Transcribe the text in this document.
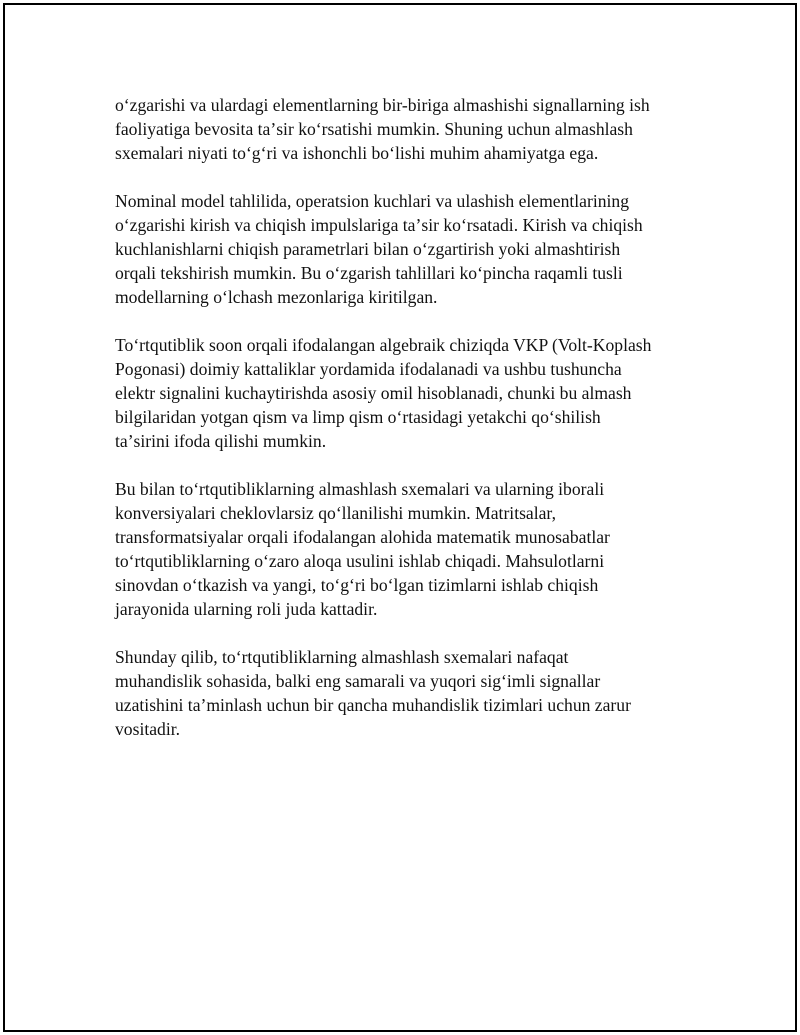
oʻzgarishi va ulardagi elementlarning bir-biriga almashishi signallarning ish
faoliyatiga bevosita taʼsir koʻrsatishi mumkin. Shuning uchun almashlash
sxemalari niyati toʻgʻri va ishonchli boʻlishi muhim ahamiyatga ega.

Nominal model tahlilida, operatsion kuchlari va ulashish elementlarining
oʻzgarishi kirish va chiqish impulslariga taʼsir koʻrsatadi. Kirish va chiqish
kuchlanishlarni chiqish parametrlari bilan oʻzgartirish yoki almashtirish
orqali tekshirish mumkin. Bu oʻzgarish tahlillari koʻpincha raqamli tusli
modellarning oʻlchash mezonlariga kiritilgan.

Toʻrtqutiblik soon orqali ifodalangan algebraik chiziqda VKP (Volt-Koplash
Pogonasi) doimiy kattaliklar yordamida ifodalanadi va ushbu tushuncha
elektr signalini kuchaytirishda asosiy omil hisoblanadi, chunki bu almash
bilgilaridan yotgan qism va limp qism oʻrtasidagi yetakchi qoʻshilish
taʼsirini ifoda qilishi mumkin.

Bu bilan toʻrtqutibliklarning almashlash sxemalari va ularning iborali
konversiyalari cheklovlarsiz qoʻllanilishi mumkin. Matritsalar,
transformatsiyalar orqali ifodalangan alohida matematik munosabatlar
toʻrtqutibliklarning oʻzaro aloqa usulini ishlab chiqadi. Mahsulotlarni
sinovdan oʻtkazish va yangi, toʻgʻri boʻlgan tizimlarni ishlab chiqish
jarayonida ularning roli juda kattadir.

Shunday qilib, toʻrtqutibliklarning almashlash sxemalari nafaqat
muhandislik sohasida, balki eng samarali va yuqori sigʻimli signallar
uzatishini taʼminlash uchun bir qancha muhandislik tizimlari uchun zarur
vositadir.
